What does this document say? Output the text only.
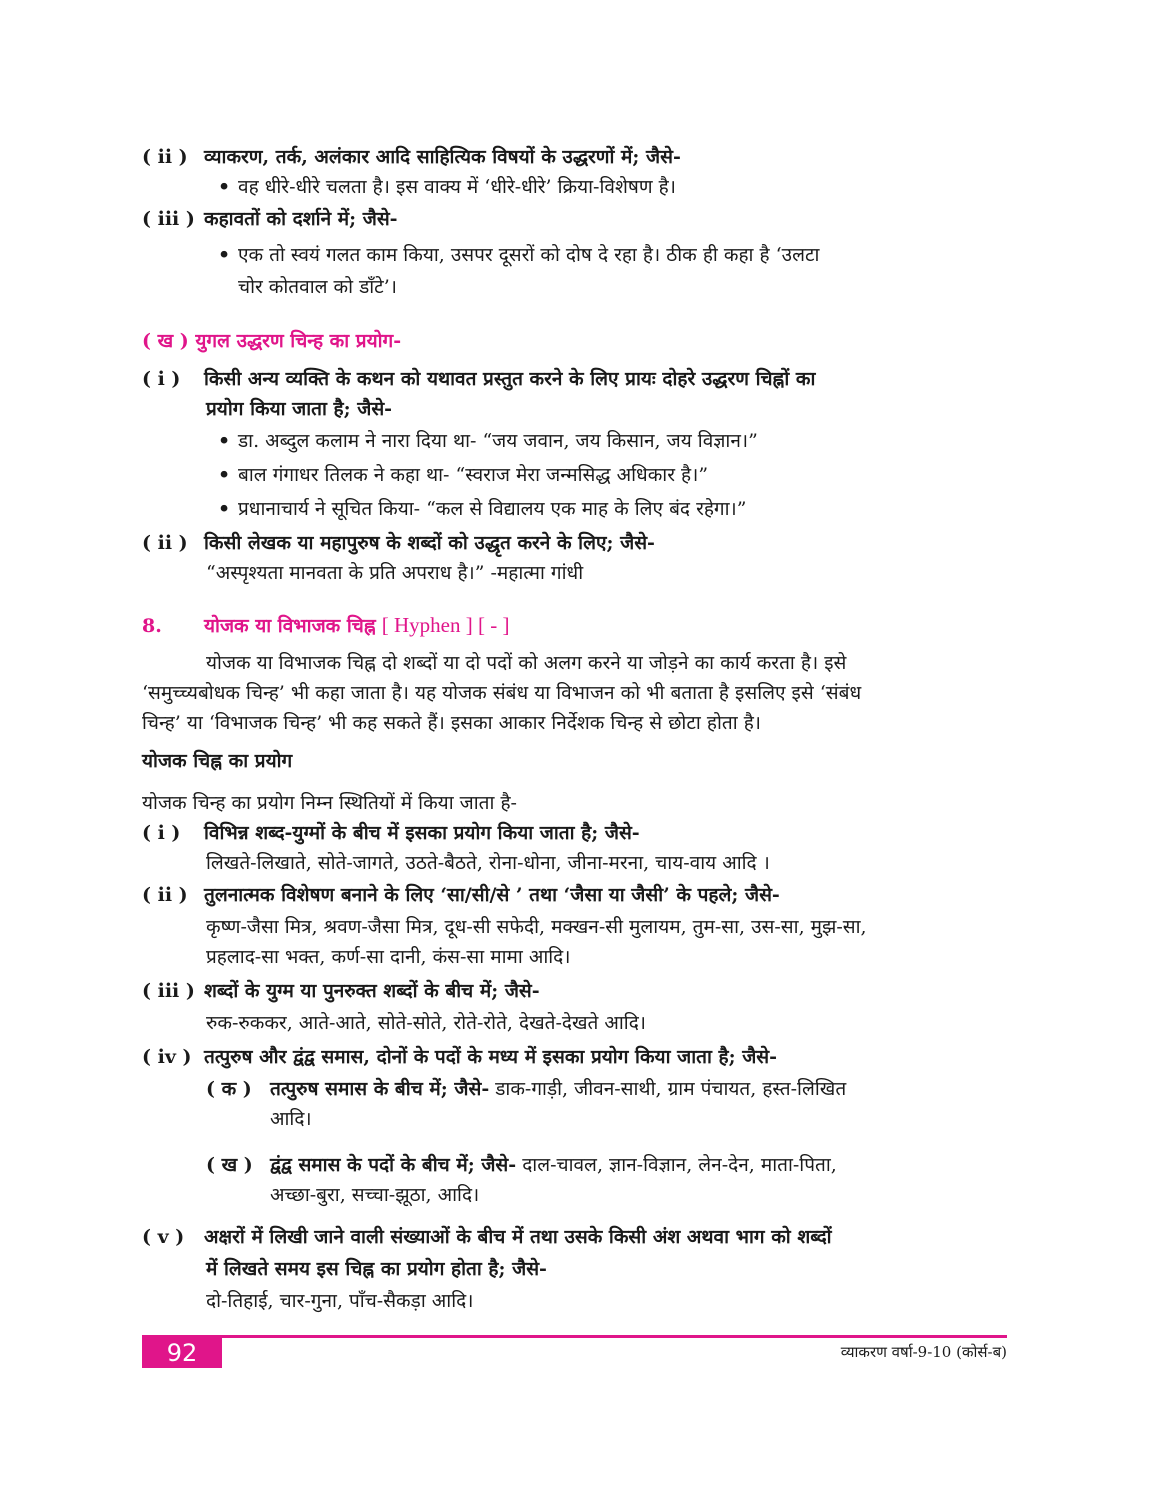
( ii ) व्याकरण, तर्क, अलंकार आदि साहित्यिक विषयों के उद्धरणों में; जैसे-
• वह धीरे-धीरे चलता है। इस वाक्य में ‘धीरे-धीरे’ क्रिया-विशेषण है।
( iii ) कहावतों को दर्शाने में; जैसे-
• एक तो स्वयं गलत काम किया, उसपर दूसरों को दोष दे रहा है। ठीक ही कहा है ‘उलटा
चोर कोतवाल को डाँटे’।
( ख ) युगल उद्धरण चिन्ह का प्रयोग-
( i ) किसी अन्य व्यक्ति के कथन को यथावत प्रस्तुत करने के लिए प्रायः दोहरे उद्धरण चिह्नों का
प्रयोग किया जाता है; जैसे-
• डा. अब्दुल कलाम ने नारा दिया था- “जय जवान, जय किसान, जय विज्ञान।”
• बाल गंगाधर तिलक ने कहा था- “स्वराज मेरा जन्मसिद्ध अधिकार है।”
• प्रधानाचार्य ने सूचित किया- “कल से विद्यालय एक माह के लिए बंद रहेगा।”
( ii ) किसी लेखक या महापुरुष के शब्दों को उद्धृत करने के लिए; जैसे-
“अस्पृश्यता मानवता के प्रति अपराध है।” -महात्मा गांधी
8. योजक या विभाजक चिह्न [ Hyphen ] [ - ]
योजक या विभाजक चिह्न दो शब्दों या दो पदों को अलग करने या जोड़ने का कार्य करता है। इसे
‘समुच्च्यबोधक चिन्ह’ भी कहा जाता है। यह योजक संबंध या विभाजन को भी बताता है इसलिए इसे ‘संबंध
चिन्ह’ या ‘विभाजक चिन्ह’ भी कह सकते हैं। इसका आकार निर्देशक चिन्ह से छोटा होता है।
योजक चिह्न का प्रयोग
योजक चिन्ह का प्रयोग निम्न स्थितियों में किया जाता है-
( i ) विभिन्न शब्द-युग्मों के बीच में इसका प्रयोग किया जाता है; जैसे-
लिखते-लिखाते, सोते-जागते, उठते-बैठते, रोना-धोना, जीना-मरना, चाय-वाय आदि ।
( ii ) तुलनात्मक विशेषण बनाने के लिए ‘सा/सी/से ’ तथा ‘जैसा या जैसी’ के पहले; जैसे-
कृष्ण-जैसा मित्र, श्रवण-जैसा मित्र, दूध-सी सफेदी, मक्खन-सी मुलायम, तुम-सा, उस-सा, मुझ-सा,
प्रहलाद-सा भक्त, कर्ण-सा दानी, कंस-सा मामा आदि।
( iii ) शब्दों के युग्म या पुनरुक्त शब्दों के बीच में; जैसे-
रुक-रुककर, आते-आते, सोते-सोते, रोते-रोते, देखते-देखते आदि।
( iv ) तत्पुरुष और द्वंद्व समास, दोनों के पदों के मध्य में इसका प्रयोग किया जाता है; जैसे-
( क ) तत्पुरुष समास के बीच में; जैसे- डाक-गाड़ी, जीवन-साथी, ग्राम पंचायत, हस्त-लिखित
आदि।
( ख ) द्वंद्व समास के पदों के बीच में; जैसे- दाल-चावल, ज्ञान-विज्ञान, लेन-देन, माता-पिता,
अच्छा-बुरा, सच्चा-झूठा, आदि।
( v ) अक्षरों में लिखी जाने वाली संख्याओं के बीच में तथा उसके किसी अंश अथवा भाग को शब्दों
में लिखते समय इस चिह्न का प्रयोग होता है; जैसे-
दो-तिहाई, चार-गुना, पाँच-सैकड़ा आदि।
92	व्याकरण वर्षा-9-10 (कोर्स-ब)
